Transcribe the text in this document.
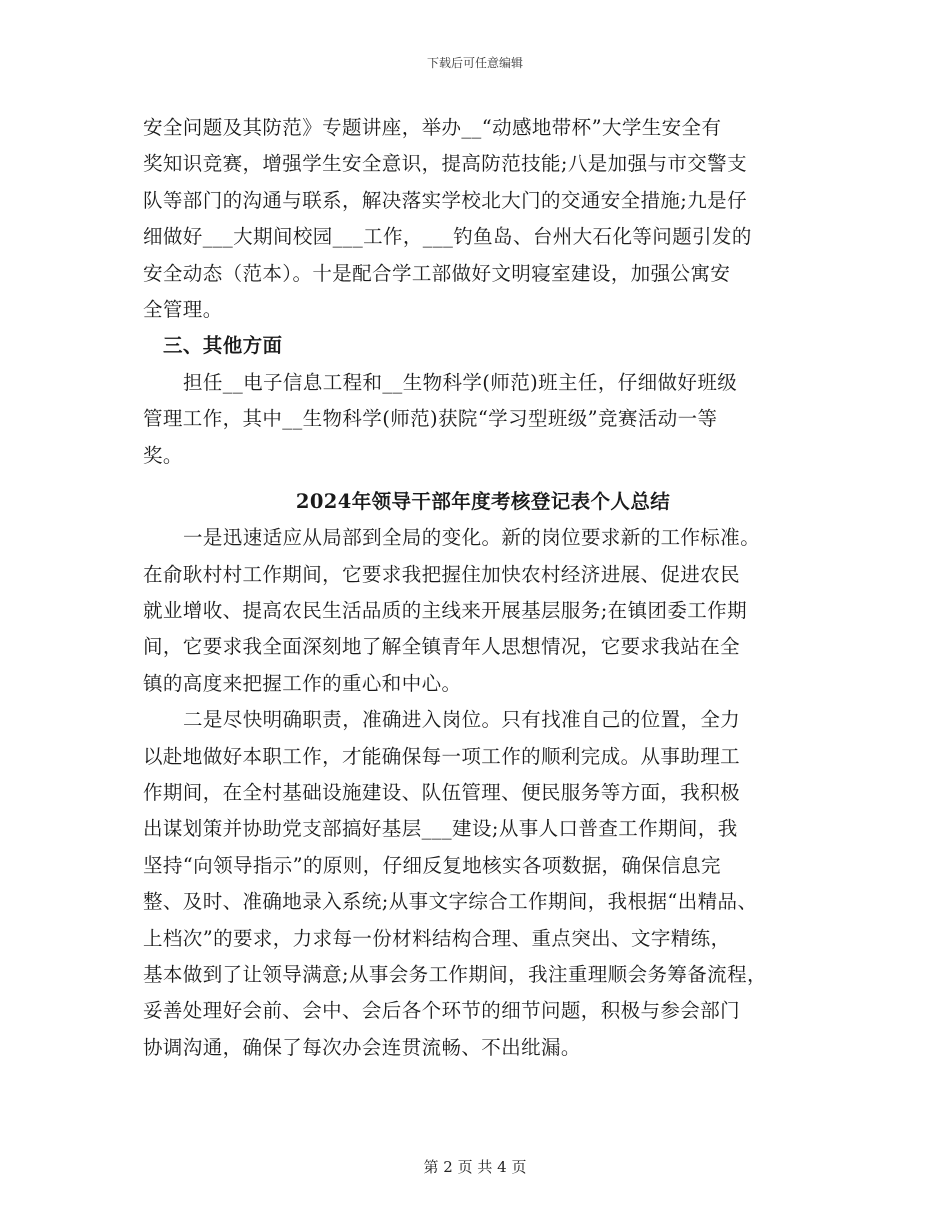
下载后可任意编辑
安全问题及其防范》专题讲座，举办__“动感地带杯”大学生安全有
奖知识竞赛，增强学生安全意识，提高防范技能;八是加强与市交警支
队等部门的沟通与联系，解决落实学校北大门的交通安全措施;九是仔
细做好___大期间校园___工作，___钓鱼岛、台州大石化等问题引发的
安全动态（范本）。十是配合学工部做好文明寝室建设，加强公寓安
全管理。
三、其他方面
担任__电子信息工程和__生物科学(师范)班主任，仔细做好班级
管理工作，其中__生物科学(师范)获院“学习型班级”竞赛活动一等
奖。
2024年领导干部年度考核登记表个人总结
一是迅速适应从局部到全局的变化。新的岗位要求新的工作标准。
在俞耿村村工作期间，它要求我把握住加快农村经济进展、促进农民
就业增收、提高农民生活品质的主线来开展基层服务;在镇团委工作期
间，它要求我全面深刻地了解全镇青年人思想情况，它要求我站在全
镇的高度来把握工作的重心和中心。
二是尽快明确职责，准确进入岗位。只有找准自己的位置，全力
以赴地做好本职工作，才能确保每一项工作的顺利完成。从事助理工
作期间，在全村基础设施建设、队伍管理、便民服务等方面，我积极
出谋划策并协助党支部搞好基层___建设;从事人口普查工作期间，我
坚持“向领导指示”的原则，仔细反复地核实各项数据，确保信息完
整、及时、准确地录入系统;从事文字综合工作期间，我根据“出精品、
上档次”的要求，力求每一份材料结构合理、重点突出、文字精练，
基本做到了让领导满意;从事会务工作期间，我注重理顺会务筹备流程，
妥善处理好会前、会中、会后各个环节的细节问题，积极与参会部门
协调沟通，确保了每次办会连贯流畅、不出纰漏。
第 2 页 共 4 页
